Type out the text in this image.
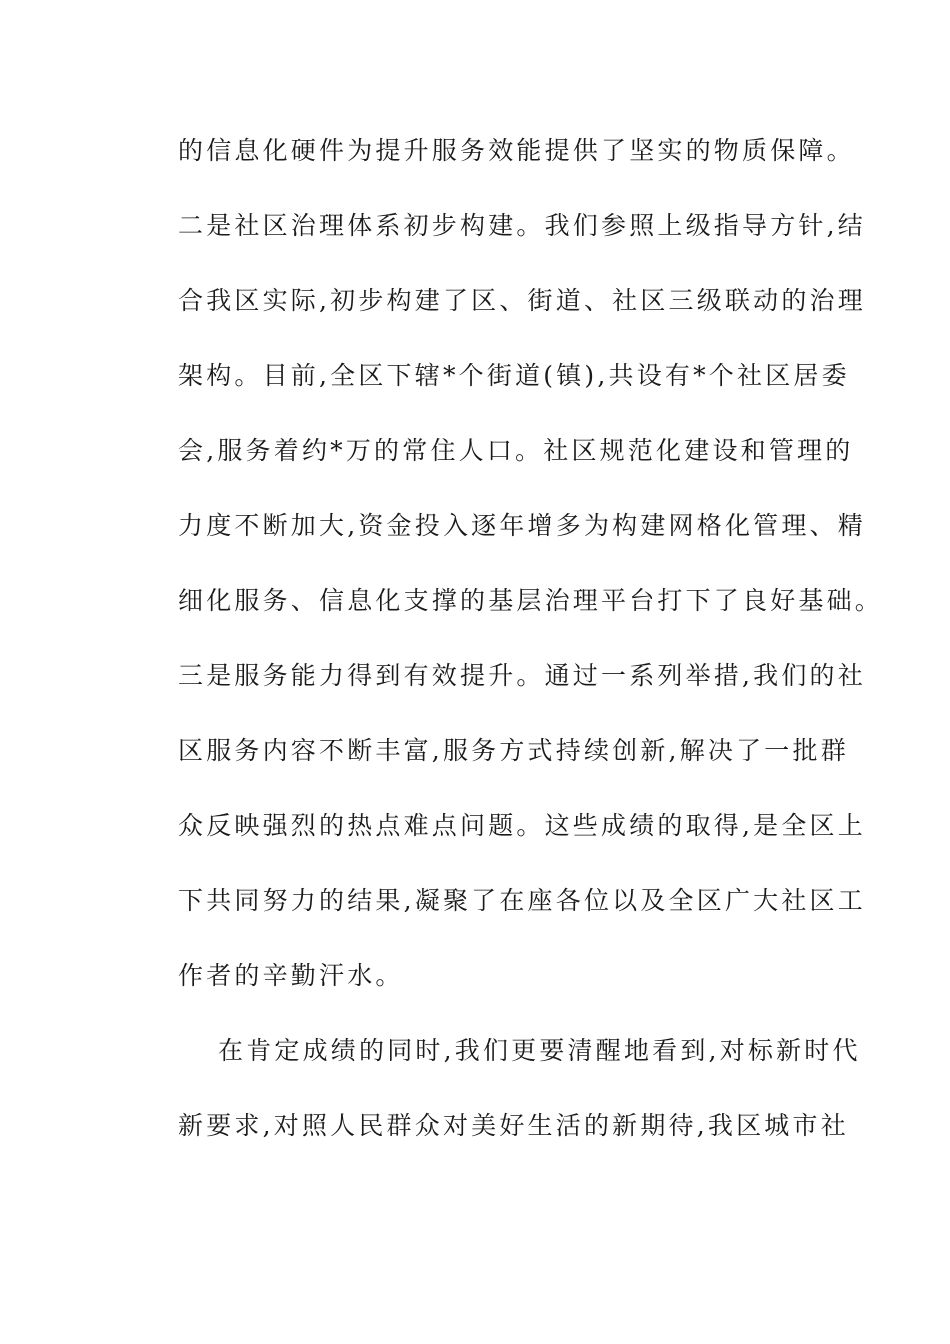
的信息化硬件为提升服务效能提供了坚实的物质保障。
二是社区治理体系初步构建。我们参照上级指导方针,结
合我区实际,初步构建了区、街道、社区三级联动的治理
架构。目前,全区下辖*个街道(镇),共设有*个社区居委
会,服务着约*万的常住人口。社区规范化建设和管理的
力度不断加大,资金投入逐年增多为构建网格化管理、精
细化服务、信息化支撑的基层治理平台打下了良好基础。
三是服务能力得到有效提升。通过一系列举措,我们的社
区服务内容不断丰富,服务方式持续创新,解决了一批群
众反映强烈的热点难点问题。这些成绩的取得,是全区上
下共同努力的结果,凝聚了在座各位以及全区广大社区工
作者的辛勤汗水。
在肯定成绩的同时,我们更要清醒地看到,对标新时代
新要求,对照人民群众对美好生活的新期待,我区城市社
